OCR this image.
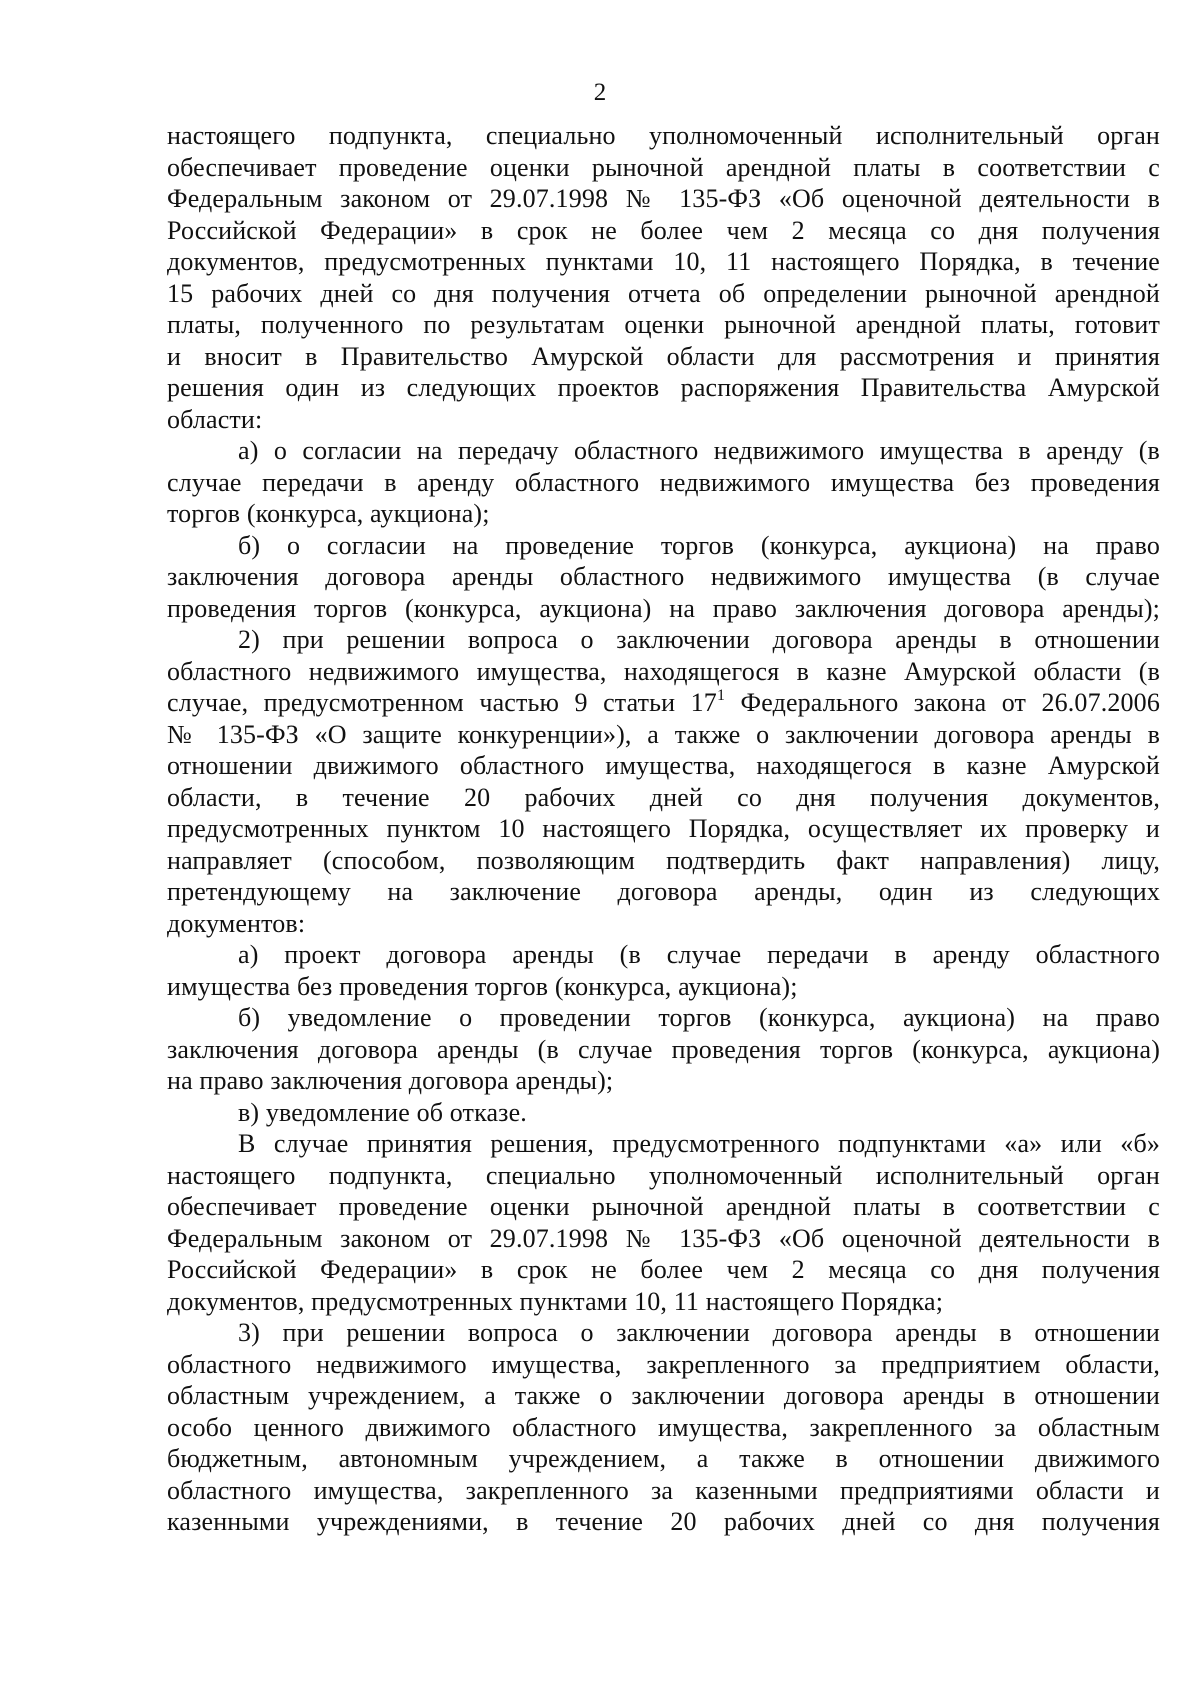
2
настоящего подпункта, специально уполномоченный исполнительный орган
обеспечивает проведение оценки рыночной арендной платы в соответствии с
Федеральным законом от 29.07.1998 № 135-ФЗ «Об оценочной деятельности в
Российской Федерации» в срок не более чем 2 месяца со дня получения
документов, предусмотренных пунктами 10, 11 настоящего Порядка, в течение
15 рабочих дней со дня получения отчета об определении рыночной арендной
платы, полученного по результатам оценки рыночной арендной платы, готовит
и вносит в Правительство Амурской области для рассмотрения и принятия
решения один из следующих проектов распоряжения Правительства Амурской
области:
а) о согласии на передачу областного недвижимого имущества в аренду (в
случае передачи в аренду областного недвижимого имущества без проведения
торгов (конкурса, аукциона);
б) о согласии на проведение торгов (конкурса, аукциона) на право
заключения договора аренды областного недвижимого имущества (в случае
проведения торгов (конкурса, аукциона) на право заключения договора аренды);
2) при решении вопроса о заключении договора аренды в отношении
областного недвижимого имущества, находящегося в казне Амурской области (в
случае, предусмотренном частью 9 статьи $17^1$ Федерального закона от 26.07.2006
№ 135-ФЗ «О защите конкуренции»), а также о заключении договора аренды в
отношении движимого областного имущества, находящегося в казне Амурской
области, в течение 20 рабочих дней со дня получения документов,
предусмотренных пунктом 10 настоящего Порядка, осуществляет их проверку и
направляет (способом, позволяющим подтвердить факт направления) лицу,
претендующему на заключение договора аренды, один из следующих
документов:
а) проект договора аренды (в случае передачи в аренду областного
имущества без проведения торгов (конкурса, аукциона);
б) уведомление о проведении торгов (конкурса, аукциона) на право
заключения договора аренды (в случае проведения торгов (конкурса, аукциона)
на право заключения договора аренды);
в) уведомление об отказе.
В случае принятия решения, предусмотренного подпунктами «а» или «б»
настоящего подпункта, специально уполномоченный исполнительный орган
обеспечивает проведение оценки рыночной арендной платы в соответствии с
Федеральным законом от 29.07.1998 № 135-ФЗ «Об оценочной деятельности в
Российской Федерации» в срок не более чем 2 месяца со дня получения
документов, предусмотренных пунктами 10, 11 настоящего Порядка;
3) при решении вопроса о заключении договора аренды в отношении
областного недвижимого имущества, закрепленного за предприятием области,
областным учреждением, а также о заключении договора аренды в отношении
особо ценного движимого областного имущества, закрепленного за областным
бюджетным, автономным учреждением, а также в отношении движимого
областного имущества, закрепленного за казенными предприятиями области и
казенными учреждениями, в течение 20 рабочих дней со дня получения
